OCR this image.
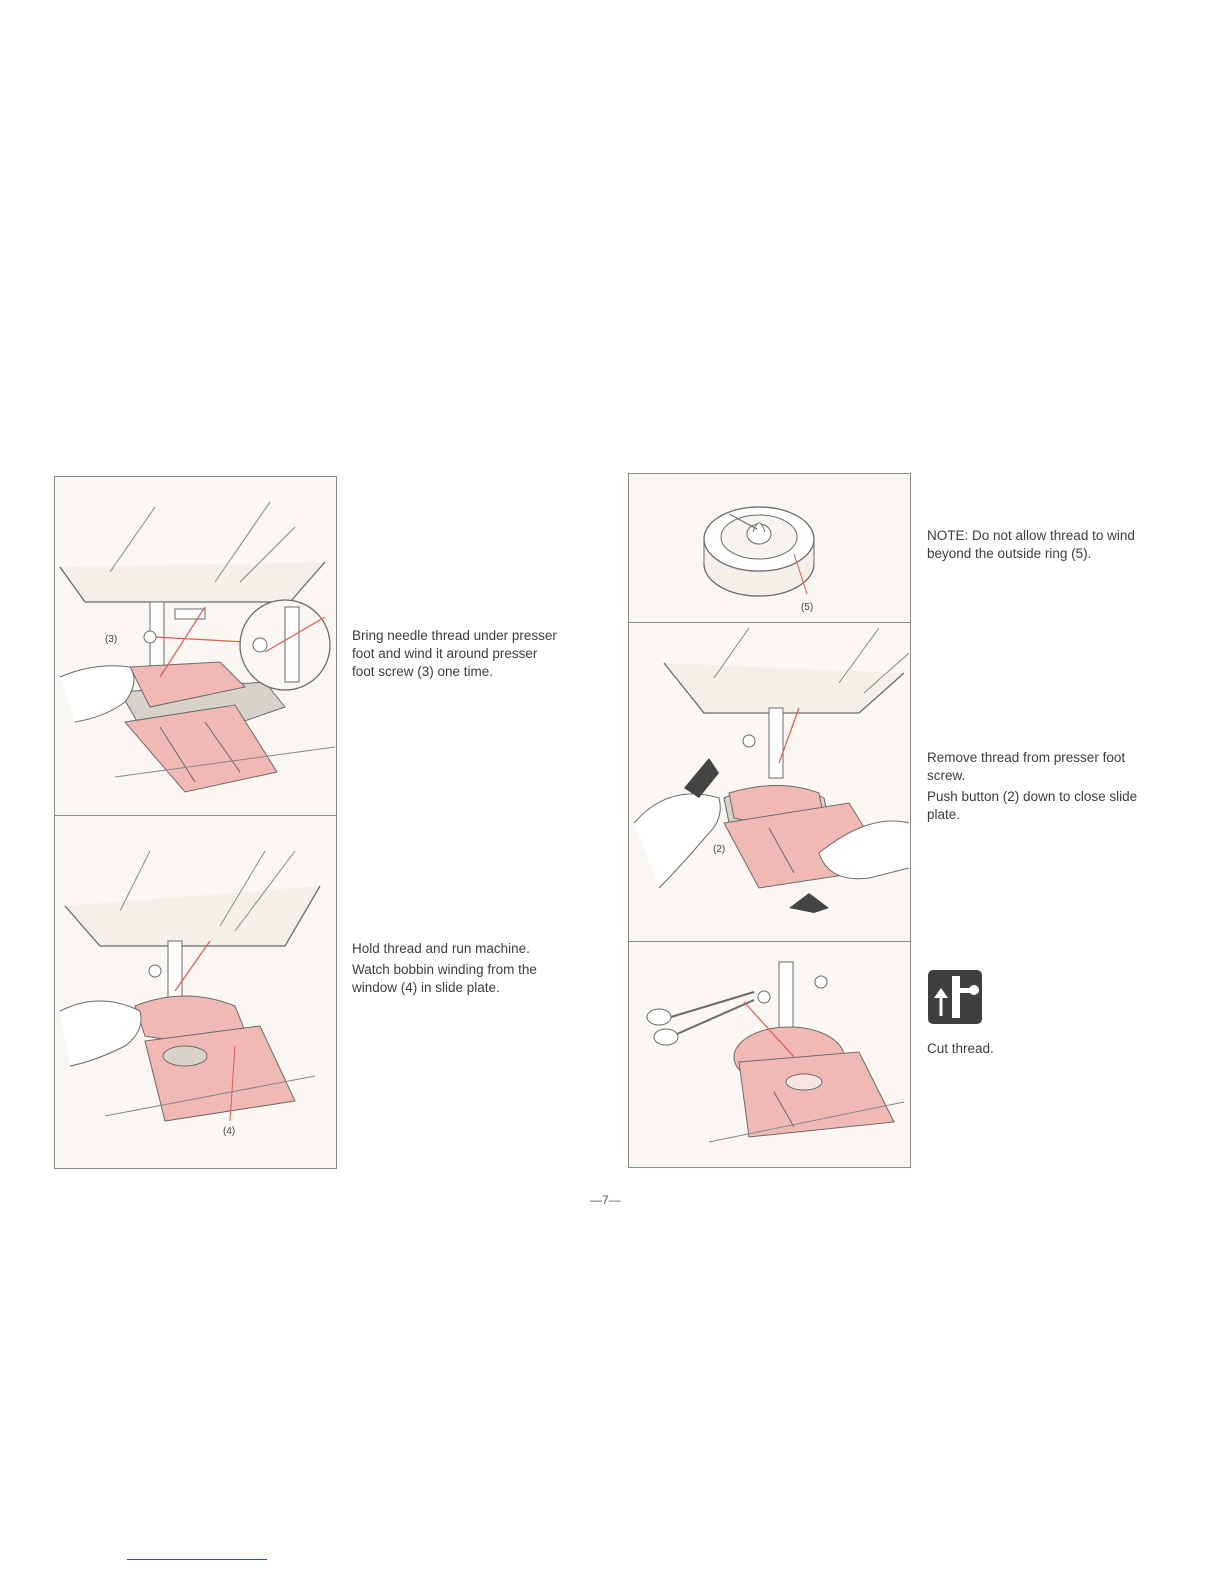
(3)
(4)
Bring needle thread under presser
foot and wind it around presser
foot screw (3) one time.

Hold thread and run machine.

Watch bobbin winding from the window (4) in slide plate.

(5)
(2)

NOTE: Do not allow thread to wind beyond the outside ring (5).

Remove thread from presser foot screw.

Push button (2) down to close slide plate.

Cut thread.

—7—
